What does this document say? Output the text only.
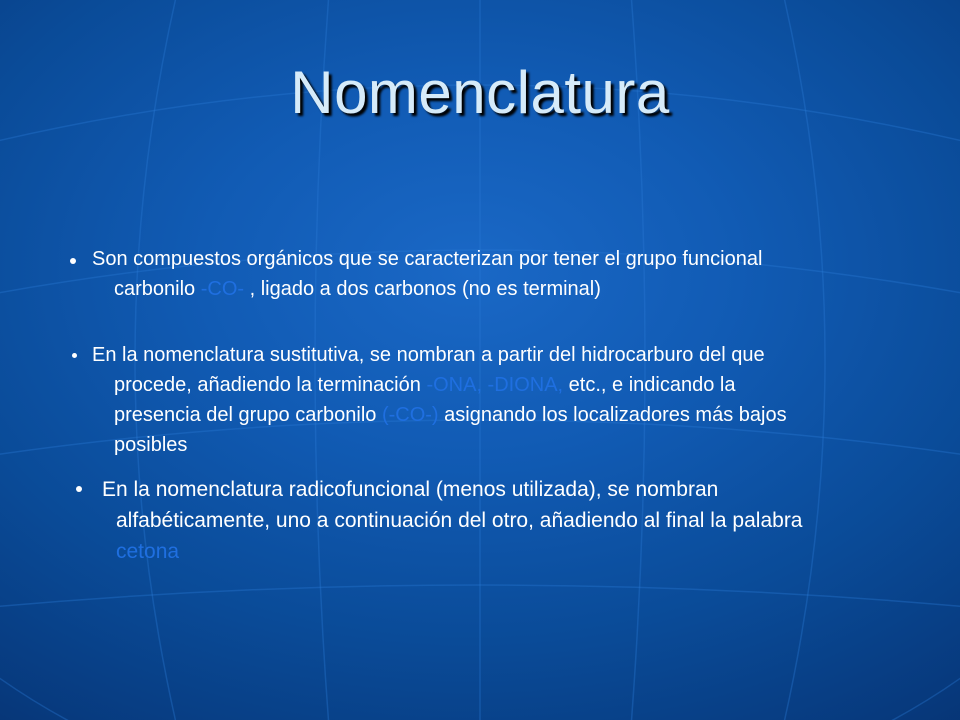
Nomenclatura
Son compuestos orgánicos que se caracterizan por tener el grupo funcional
carbonilo -CO- , ligado a dos carbonos (no es terminal)
En la nomenclatura sustitutiva, se nombran a partir del hidrocarburo del que

procede, añadiendo la terminación -ONA, -DIONA, etc., e indicando la
presencia del grupo carbonilo (-CO-) asignando los localizadores más bajos
posibles
En la nomenclatura radicofuncional (menos utilizada), se nombran

alfabéticamente, uno a continuación del otro, añadiendo al final la palabra
cetona
